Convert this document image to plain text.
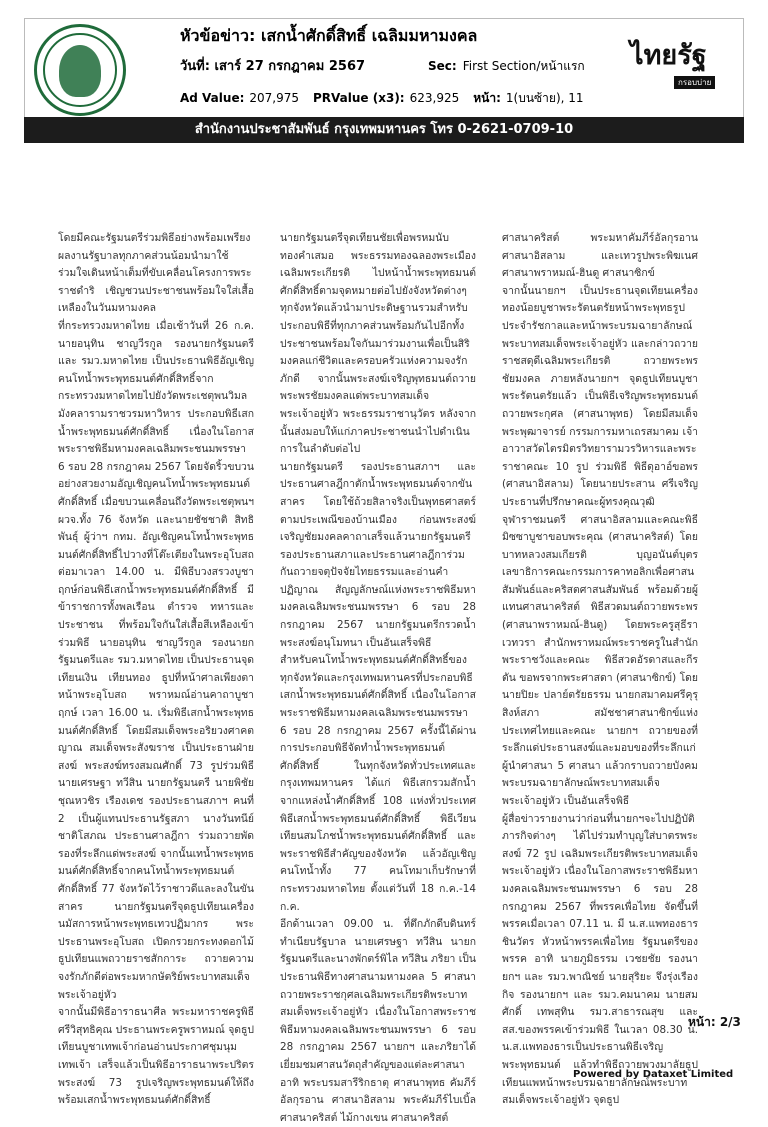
หัวข้อข่าว: เสกน้ำศักดิ์สิทธิ์ เฉลิมมหามงคล
วันที่: เสาร์ 27 กรกฎาคม 2567	Sec: First Section/หน้าแรก
Ad Value: 207,975 PRValue (x3): 623,925 หน้า: 1(บนซ้าย), 11
ไทยรัฐ
กรอบบ่าย
สำนักงานประชาสัมพันธ์ กรุงเทพมหานคร โทร 0-2621-0709-10

โดยมีคณะรัฐมนตรีร่วมพิธีอย่างพร้อมเพรียง ผลงานรัฐบาลทุกภาคส่วนน้อมนำมาใช้ร่วมใจเดินหน้าเต็มที่ขับเคลื่อนโครงการพระราชดำริ เชิญชวนประชาชนพร้อมใจใส่เสื้อเหลืองในวันมหามงคล

ที่กระทรวงมหาดไทย เมื่อเช้าวันที่ 26 ก.ค. นายอนุทิน ชาญวีรกูล รองนายกรัฐมนตรีและ รมว.มหาดไทย เป็นประธานพิธีอัญเชิญคนโทน้ำพระพุทธมนต์ศักดิ์สิทธิ์จากกระทรวงมหาดไทยไปยังวัดพระเชตุพนวิมลมังคลารามราชวรมหาวิหาร ประกอบพิธีเสกน้ำพระพุทธมนต์ศักดิ์สิทธิ์ เนื่องในโอกาสพระราชพิธีมหามงคลเฉลิมพระชนมพรรษา 6 รอบ 28 กรกฎาคม 2567 โดยจัดริ้วขบวนอย่างสวยงามอัญเชิญคนโทน้ำพระพุทธมนต์ศักดิ์สิทธิ์ เมื่อขบวนเคลื่อนถึงวัดพระเชตุพนฯ ผวจ.ทั้ง 76 จังหวัด และนายชัชชาติ สิทธิพันธุ์ ผู้ว่าฯ กทม. อัญเชิญคนโทน้ำพระพุทธมนต์ศักดิ์สิทธิ์ไปวางที่โต๊ะเตียงในพระอุโบสถ

ต่อมาเวลา 14.00 น. มีพิธีบวงสรวงบูชาฤกษ์ก่อนพิธีเสกน้ำพระพุทธมนต์ศักดิ์สิทธิ์ มีข้าราชการทั้งพลเรือน ตำรวจ ทหารและประชาชน ที่พร้อมใจกันใส่เสื้อสีเหลืองเข้าร่วมพิธี นายอนุทิน ชาญวีรกูล รองนายกรัฐมนตรีและ รมว.มหาดไทย เป็นประธานจุดเทียนเงิน เทียนทอง ธูปที่หน้าศาลเพียงตาหน้าพระอุโบสถ พราหมณ์อ่านคาถาบูชาฤกษ์ เวลา 16.00 น. เริ่มพิธีเสกน้ำพระพุทธมนต์ศักดิ์สิทธิ์ โดยมีสมเด็จพระอริยวงศาคตญาณ สมเด็จพระสังฆราช เป็นประธานฝ่ายสงฆ์ พระสงฆ์ทรงสมณศักดิ์ 73 รูปร่วมพิธี นายเศรษฐา ทวีสิน นายกรัฐมนตรี นายพิชัยชุณหวชิร เรืองเดช รองประธานสภาฯ คนที่ 2 เป็นผู้แทนประธานรัฐสภา นางวันทนีย์ ชาติโสภณ ประธานศาลฎีกา ร่วมถวายพัดรองที่ระลึกแด่พระสงฆ์ จากนั้นเทน้ำพระพุทธมนต์ศักดิ์สิทธิ์จากคนโทน้ำพระพุทธมนต์ศักดิ์สิทธิ์ 77 จังหวัดไว้ราชาวดีและลงในขันสาคร นายกรัฐมนตรีจุดธูปเทียนเครื่องนมัสการหน้าพระพุทธเทวปฏิมากร พระประธานพระอุโบสถ เปิดกรวยกระทงดอกไม้ธูปเทียนแพถวายราชสักการะ ถวายความจงรักภักดีต่อพระมหากษัตริย์พระบาทสมเด็จพระเจ้าอยู่หัว

จากนั้นมีพิธีอาราธนาศีล พระมหาราชครูพิธีศรีวิสุทธิคุณ ประธานพระครูพราหมณ์ จุดธูปเทียนบูชาเทพเจ้าก่อนอ่านประกาศชุมนุมเทพเจ้า เสร็จแล้วเป็นพิธีอาราธนาพระปริตร พระสงฆ์ 73 รูปเจริญพระพุทธมนต์ให้ถึงพร้อมเสกน้ำพระพุทธมนต์ศักดิ์สิทธิ์

นายกรัฐมนตรีจุดเทียนชัยเพื่อพรหมนับทองคำเสมอ พระธรรมทองฉลองพระเมืองเฉลิมพระเกียรติ ไปหน้าน้ำพระพุทธมนต์ศักดิ์สิทธิ์ตามจุดหมายต่อไปยังจังหวัดต่างๆ ทุกจังหวัดแล้วนำมาประดิษฐานรวมสำหรับประกอบพิธีที่ทุกภาคส่วนพร้อมกันไปอีกทั้งประชาชนพร้อมใจกันมาร่วมงานเพื่อเป็นสิริมงคลแก่ชีวิตและครอบครัวแห่งความจงรักภักดี จากนั้นพระสงฆ์เจริญพุทธมนต์ถวายพระพรชัยมงคลแด่พระบาทสมเด็จพระเจ้าอยู่หัว พระธรรมราชานุวัตร หลังจากนั้นส่งมอบให้แก่ภาคประชาชนนำไปดำเนินการในลำดับต่อไป

นายกรัฐมนตรี รองประธานสภาฯ และประธานศาลฎีกาตักน้ำพระพุทธมนต์จากขันสาคร โดยใช้ถ้วยสิลาจริงเป็นพุทธศาสตร์ตามประเพณีของบ้านเมือง ก่อนพระสงฆ์เจริญชัยมงคลคาถาเสร็จแล้วนายกรัฐมนตรีรองประธานสภาและประธานศาลฎีการ่วมกันถวายจตุปัจจัยไทยธรรมและอ่านคำปฏิญาณ สัญญลักษณ์แห่งพระราชพิธีมหามงคลเฉลิมพระชนมพรรษา 6 รอบ 28 กรกฎาคม 2567 นายกรัฐมนตรีกรวดน้ำ พระสงฆ์อนุโมทนา เป็นอันเสร็จพิธี

สำหรับคนโทน้ำพระพุทธมนต์ศักดิ์สิทธิ์ของทุกจังหวัดและกรุงเทพมหานครที่ประกอบพิธีเสกน้ำพระพุทธมนต์ศักดิ์สิทธิ์ เนื่องในโอกาสพระราชพิธีมหามงคลเฉลิมพระชนมพรรษา 6 รอบ 28 กรกฎาคม 2567 ครั้งนี้ได้ผ่านการประกอบพิธีจัดทำน้ำพระพุทธมนต์ศักดิ์สิทธิ์ ในทุกจังหวัดทั่วประเทศและกรุงเทพมหานคร ได้แก่ พิธีเสกรวมสักน้ำจากแหล่งน้ำศักดิ์สิทธิ์ 108 แห่งทั่วประเทศ พิธีเสกน้ำพระพุทธมนต์ศักดิ์สิทธิ์ พิธีเวียนเทียนสมโภชน้ำพระพุทธมนต์ศักดิ์สิทธิ์ และพระราชพิธีสำคัญของจังหวัด แล้วอัญเชิญคนโทน้ำทั้ง 77 คนโทมาเก็บรักษาที่กระทรวงมหาดไทย ตั้งแต่วันที่ 18 ก.ค.-14 ก.ค.

อีกด้านเวลา 09.00 น. ที่ตึกภักดีบดินทร์ทำเนียบรัฐบาล นายเศรษฐา ทวีสิน นายกรัฐมนตรีและนางพักตร์พิไล ทวีสิน ภริยา เป็นประธานพิธีทางศาสนามหามงคล 5 ศาสนา ถวายพระราชกุศลเฉลิมพระเกียรติพระบาทสมเด็จพระเจ้าอยู่หัว เนื่องในโอกาสพระราชพิธีมหามงคลเฉลิมพระชนมพรรษา 6 รอบ 28 กรกฎาคม 2567 นายกฯ และภริยาได้เยี่ยมชมศาสนวัตถุสำคัญของแต่ละศาสนา อาทิ พระบรมสารีริกธาตุ ศาสนาพุทธ คัมภีร์ อัลกุรอาน ศาสนาอิสลาม พระคัมภีร์ไบเบิ้ล ศาสนาคริสต์ ไม้กางเขน ศาสนาคริสต์

ศาสนาคริสต์ พระมหาคัมภีร์อัลกุรอาน ศาสนาอิสลาม และเทวรูปพระพิฆเนศ ศาสนาพราหมณ์-ฮินดู ศาสนาซิกข์

จากนั้นนายกฯ เป็นประธานจุดเทียนเครื่องทองน้อยบูชาพระรัตนตรัยหน้าพระพุทธรูปประจำรัชกาลและหน้าพระบรมฉายาลักษณ์พระบาทสมเด็จพระเจ้าอยู่หัว และกล่าวถวายราชสดุดีเฉลิมพระเกียรติ ถวายพระพรชัยมงคล ภายหลังนายกฯ จุดธูปเทียนบูชาพระรัตนตรัยแล้ว เป็นพิธีเจริญพระพุทธมนต์ถวายพระกุศล (ศาสนาพุทธ) โดยมีสมเด็จพระพุฒาจารย์ กรรมการมหาเถรสมาคม เจ้าอาวาสวัดไตรมิตรวิทยารามวรวิหารและพระราชาคณะ 10 รูป ร่วมพิธี พิธีดุอาอ์ขอพร (ศาสนาอิสลาม) โดยนายประสาน ศรีเจริญ ประธานที่ปรึกษาคณะผู้ทรงคุณวุฒิจุฬาราชมนตรี ศาสนาอิสลามและคณะพิธีมิซซาบูชาขอบพระคุณ (ศาสนาคริสต์) โดยบาทหลวงสมเกียรติ บุญอนันต์บุตร เลขาธิการคณะกรรมการคาทอลิกเพื่อศาสนสัมพันธ์และคริสตศาสนสัมพันธ์ พร้อมด้วยผู้แทนศาสนาคริสต์ พิธีสวดมนต์ถวายพระพร (ศาสนาพราหมณ์-ฮินดู) โดยพระครูสุธีราเวทวรา สำนักพราหมณ์พระราชครูในสำนักพระราชวังและคณะ พิธีสวดอัรดาสและกีรตัน ขอพรจากพระศาสดา (ศาสนาซิกข์) โดยนายปิยะ ปลาย์ตรัยธรรม นายกสมาคมศรีคุรุสิงห์สภา สมัชชาศาสนาซิกข์แห่งประเทศไทยและคณะ นายกฯ ถวายของที่ระลึกแด่ประธานสงฆ์และมอบของที่ระลึกแก่ผู้นำศาสนา 5 ศาสนา แล้วกราบถวายบังคมพระบรมฉายาลักษณ์พระบาทสมเด็จพระเจ้าอยู่หัว เป็นอันเสร็จพิธี

ผู้สื่อข่าวรายงานว่าก่อนที่นายกฯจะไปปฏิบัติภารกิจต่างๆ ได้ไปร่วมทำบุญใส่บาตรพระสงฆ์ 72 รูป เฉลิมพระเกียรติพระบาทสมเด็จพระเจ้าอยู่หัว เนื่องในโอกาสพระราชพิธีมหามงคลเฉลิมพระชนมพรรษา 6 รอบ 28 กรกฎาคม 2567 ที่พรรคเพื่อไทย จัดขึ้นที่พรรคเมื่อเวลา 07.11 น. มี น.ส.แพทองธาร ชินวัตร หัวหน้าพรรคเพื่อไทย รัฐมนตรีของพรรค อาทิ นายภูมิธรรม เวชยชัย รองนายกฯ และ รมว.พาณิชย์ นายสุริยะ จึงรุ่งเรืองกิจ รองนายกฯ และ รมว.คมนาคม นายสมศักดิ์ เทพสุทิน รมว.สาธารณสุข และ สส.ของพรรคเข้าร่วมพิธี ในเวลา 08.30 น. น.ส.แพทองธารเป็นประธานพิธีเจริญพระพุทธมนต์ แล้วทำพิธีถวายพวงมาลัยธูปเทียนแพหน้าพระบรมฉายาลักษณ์พระบาทสมเด็จพระเจ้าอยู่หัว จุดธูป

หน้า: 2/3
Powered by Dataxet Limited
